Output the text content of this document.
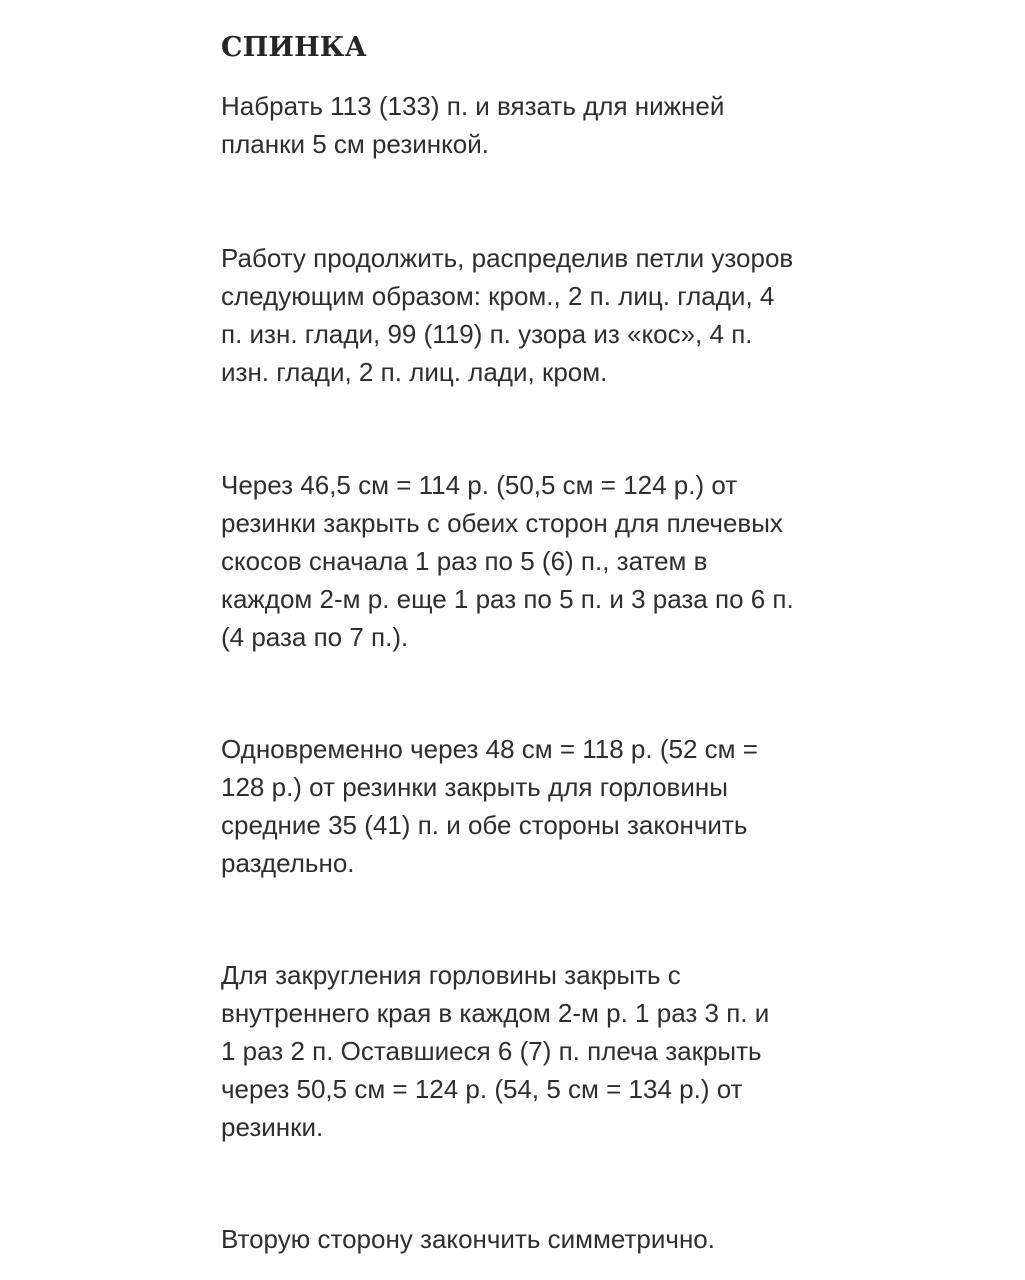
СПИНКА

Набрать 113 (133) п. и вязать для нижней
планки 5 см резинкой.

Работу продолжить, распределив петли узоров
следующим образом: кром., 2 п. лиц. глади, 4
п. изн. глади, 99 (119) п. узора из «кос», 4 п.
изн. глади, 2 п. лиц. лади, кром.

Через 46,5 см = 114 р. (50,5 см = 124 р.) от
резинки закрыть с обеих сторон для плечевых
скосов сначала 1 раз по 5 (6) п., затем в
каждом 2-м р. еще 1 раз по 5 п. и 3 раза по 6 п.
(4 раза по 7 п.).

Одновременно через 48 см = 118 р. (52 см =
128 р.) от резинки закрыть для горловины
средние 35 (41) п. и обе стороны закончить
раздельно.

Для закругления горловины закрыть с
внутреннего края в каждом 2-м р. 1 раз 3 п. и
1 раз 2 п. Оставшиеся 6 (7) п. плеча закрыть
через 50,5 см = 124 р. (54, 5 см = 134 р.) от
резинки.

Вторую сторону закончить симметрично.
